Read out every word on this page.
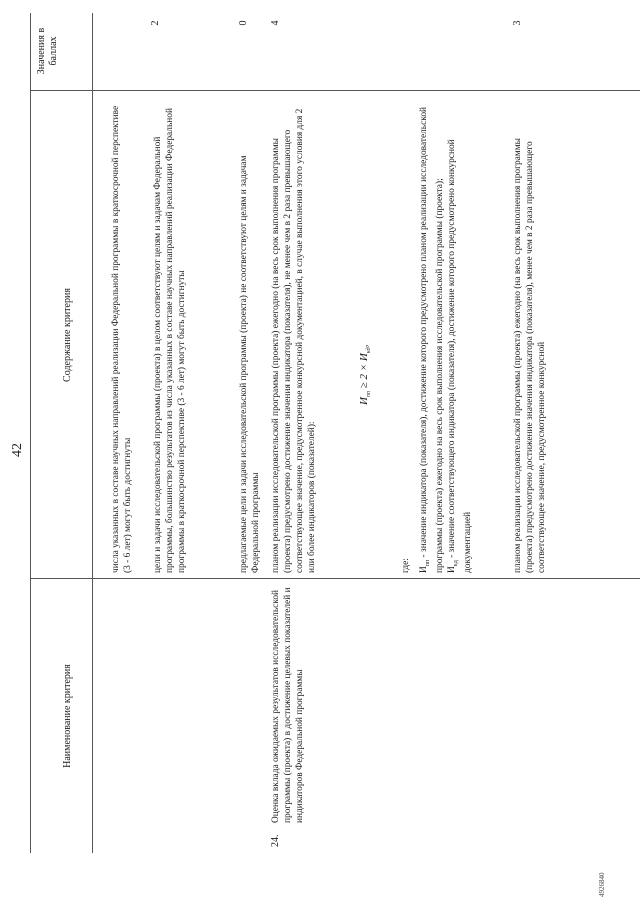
42
Наименование критерия
Содержание критерия
Значения в баллах
числа указанных в составе научных направлений реализации Федеральной программы в краткосрочной перспективе (3 - 6 лет) могут быть достигнуты
2
цели и задачи исследовательской программы (проекта) в целом соответствуют целям и задачам Федеральной программы, большинство результатов из числа указанных в составе научных направлений реализации Федеральной программы в краткосрочной перспективе (3 - 6 лет) могут быть достигнуты	предлагаемые цели и задачи исследовательской программы (проекта) не соответствуют целям и задачам Федеральной программы
0
24.
Оценка вклада ожидаемых результатов исследовательской программы (проекта) в достижение целевых показателей и индикаторов Федеральной программы
планом реализации исследовательской программы (проекта) ежегодно (на весь срок выполнения программы (проекта) предусмотрено достижение значения индикатора (показателя), не менее чем в 2 раза превышающего соответствующее значение, предусмотренное конкурсной документацией, в случае выполнения этого условия для 2 или более индикаторов (показателей):
4
$И_{пп} \ge 2 \times И_{кд}$,
где: $И_{пп}$ - значение индикатора (показателя), достижение которого предусмотрено планом реализации исследовательской программы (проекта) ежегодно на весь срок выполнения исследовательской программы (проекта); $И_{кд}$ - значение соответствующего индикатора (показателя), достижение которого предусмотрено конкурсной документацией	планом реализации исследовательской программы (проекта) ежегодно (на весь срок выполнения программы (проекта) предусмотрено достижение значения индикатора (показателя), менее чем в 2 раза превышающего соответствующее значение, предусмотренное конкурсной
3
4926840
